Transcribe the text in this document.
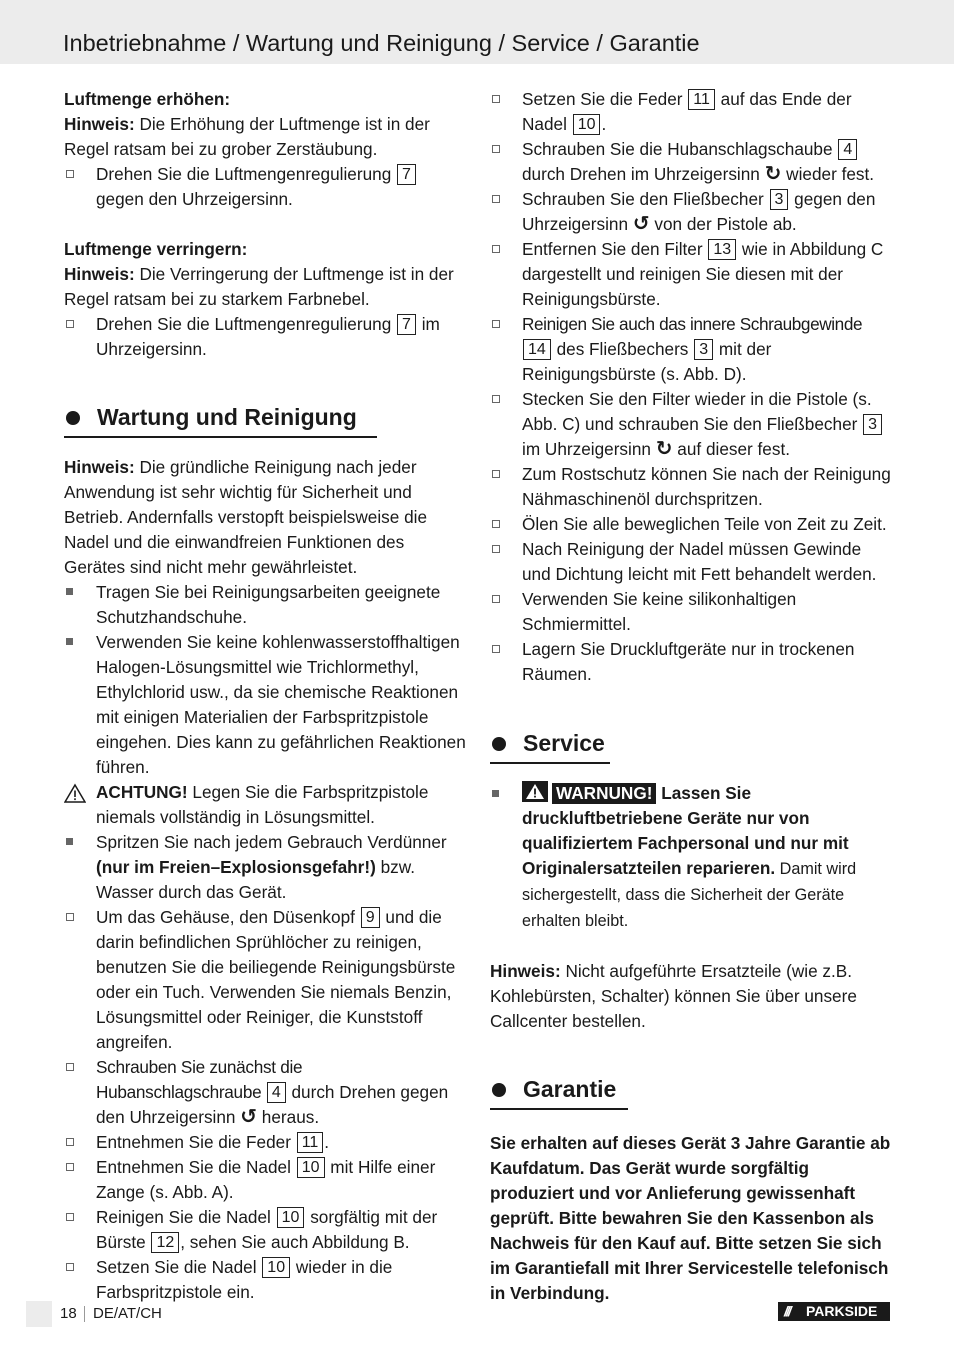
Inbetriebnahme / Wartung und Reinigung / Service / Garantie

Luftmenge erhöhen:

Hinweis: Die Erhöhung der Luftmenge ist in der Regel ratsam bei zu grober Zerstäubung.

Drehen Sie die Luftmengenregulierung 7 gegen den Uhrzeigersinn.

Luftmenge verringern:

Hinweis: Die Verringerung der Luftmenge ist in der Regel ratsam bei zu starkem Farbnebel.

Drehen Sie die Luftmengenregulierung 7 im Uhrzeigersinn.
Wartung und Reinigung

Hinweis: Die gründliche Reinigung nach jeder Anwendung ist sehr wichtig für Sicherheit und Betrieb. Andernfalls verstopft beispielsweise die Nadel und die einwandfreien Funktionen des Gerätes sind nicht mehr gewährleistet.

Tragen Sie bei Reinigungsarbeiten geeignete Schutzhandschuhe.
Verwenden Sie keine kohlenwasserstoffhaltigen Halogen-Lösungsmittel wie Trichlormethyl, Ethylchlorid usw., da sie chemische Reaktionen mit einigen Materialien der Farbspritzpistole eingehen. Dies kann zu gefährlichen Reaktionen führen.
ACHTUNG! Legen Sie die Farbspritzpistole niemals vollständig in Lösungsmittel.
Spritzen Sie nach jedem Gebrauch Verdünner (nur im Freien–Explosionsgefahr!) bzw. Wasser durch das Gerät.
Um das Gehäuse, den Düsenkopf 9 und die darin befindlichen Sprühlöcher zu reinigen, benutzen Sie die beiliegende Reinigungsbürste oder ein Tuch. Verwenden Sie niemals Benzin, Lösungsmittel oder Reiniger, die Kunststoff angreifen.
Schrauben Sie zunächst die Hubanschlagschraube 4 durch Drehen gegen den Uhrzeigersinn ↺ heraus.
Entnehmen Sie die Feder 11 .
Entnehmen Sie die Nadel 10 mit Hilfe einer Zange (s. Abb. A).
Reinigen Sie die Nadel 10 sorgfältig mit der Bürste 12 , sehen Sie auch Abbildung B.
Setzen Sie die Nadel 10 wieder in die Farbspritzpistole ein.
Setzen Sie die Feder 11 auf das Ende der Nadel 10 .
Schrauben Sie die Hubanschlagschaube 4 durch Drehen im Uhrzeigersinn ↻ wieder fest.
Schrauben Sie den Fließbecher 3 gegen den Uhrzeigersinn ↺ von der Pistole ab.
Entfernen Sie den Filter 13 wie in Abbildung C dargestellt und reinigen Sie diesen mit der Reinigungsbürste.
Reinigen Sie auch das innere Schraubgewinde 14 des Fließbechers 3 mit der Reinigungsbürste (s. Abb. D).
Stecken Sie den Filter wieder in die Pistole (s. Abb. C) und schrauben Sie den Fließbecher 3 im Uhrzeigersinn ↻ auf dieser fest.
Zum Rostschutz können Sie nach der Reinigung Nähmaschinenöl durchspritzen.
Ölen Sie alle beweglichen Teile von Zeit zu Zeit.
Nach Reinigung der Nadel müssen Gewinde und Dichtung leicht mit Fett behandelt werden.
Verwenden Sie keine silikonhaltigen Schmiermittel.
Lagern Sie Druckluftgeräte nur in trockenen Räumen.
Service
WARNUNG! Lassen Sie druckluftbetriebene Geräte nur von qualifiziertem Fachpersonal und nur mit Originalersatzteilen reparieren. Damit wird sichergestellt, dass die Sicherheit der Geräte erhalten bleibt.

Hinweis: Nicht aufgeführte Ersatzteile (wie z.B. Kohlebürsten, Schalter) können Sie über unsere Callcenter bestellen.

Garantie

Sie erhalten auf dieses Gerät 3 Jahre Garantie ab Kaufdatum. Das Gerät wurde sorgfältig produziert und vor Anlieferung gewissenhaft geprüft. Bitte bewahren Sie den Kassenbon als Nachweis für den Kauf auf. Bitte setzen Sie sich im Garantiefall mit Ihrer Servicestelle telefonisch in Verbindung.

18 DE/AT/CH	/// PARKSIDE
